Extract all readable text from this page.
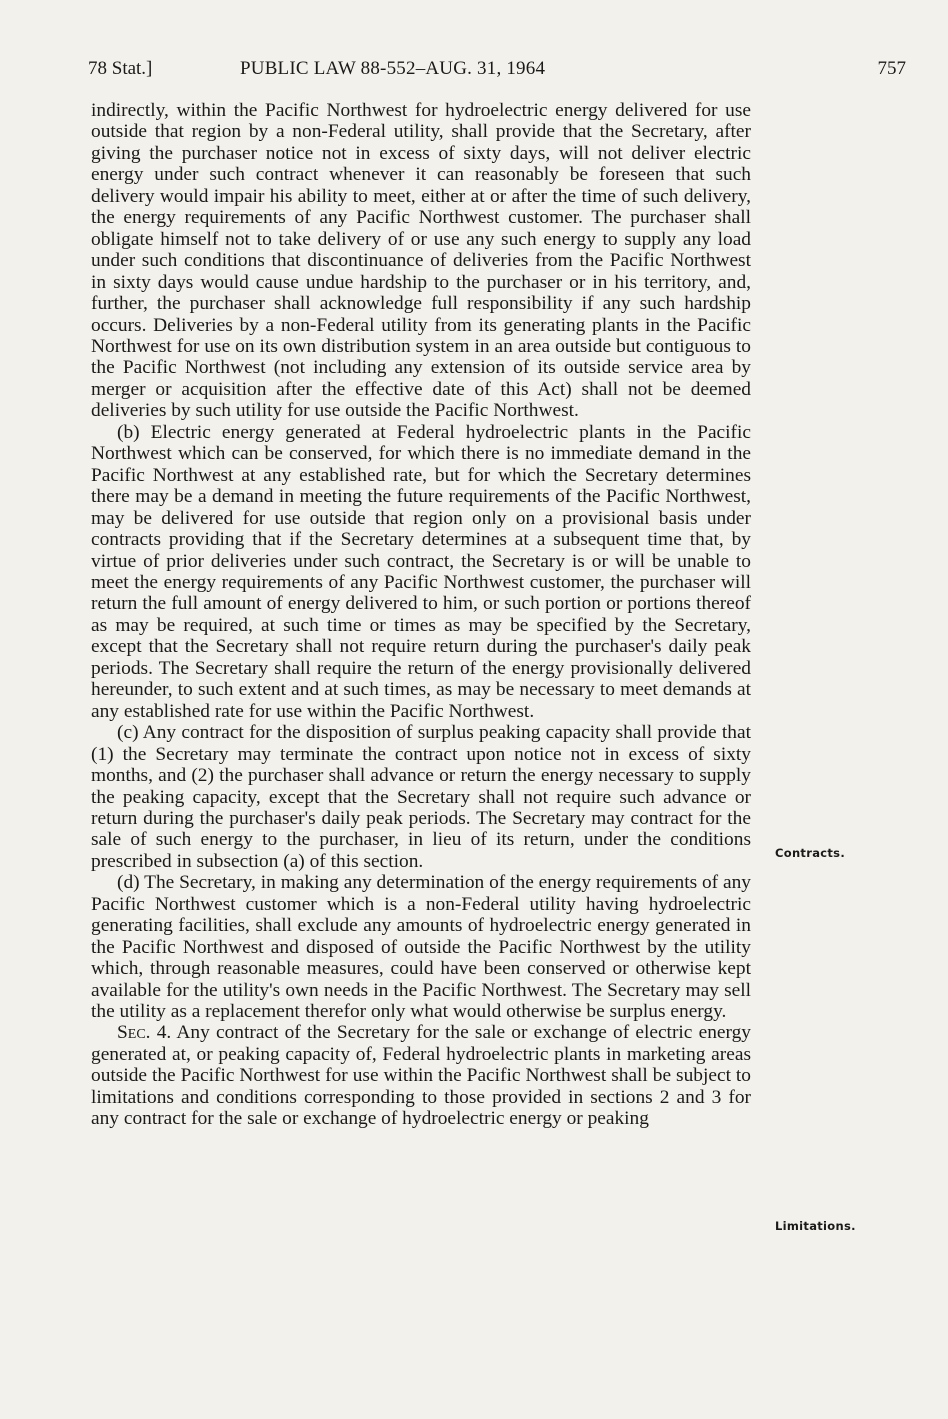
78 Stat.]	PUBLIC LAW 88-552–AUG. 31, 1964	757

indirectly, within the Pacific Northwest for hydroelectric energy delivered for use outside that region by a non-Federal utility, shall provide that the Secretary, after giving the purchaser notice not in excess of sixty days, will not deliver electric energy under such contract whenever it can reasonably be foreseen that such delivery would impair his ability to meet, either at or after the time of such delivery, the energy requirements of any Pacific Northwest customer. The purchaser shall obligate himself not to take delivery of or use any such energy to supply any load under such conditions that discontinuance of deliveries from the Pacific Northwest in sixty days would cause undue hardship to the purchaser or in his territory, and, further, the purchaser shall acknowledge full responsibility if any such hardship occurs. Deliveries by a non-Federal utility from its generating plants in the Pacific Northwest for use on its own distribution system in an area outside but contiguous to the Pacific Northwest (not including any extension of its outside service area by merger or acquisition after the effective date of this Act) shall not be deemed deliveries by such utility for use outside the Pacific Northwest.

(b) Electric energy generated at Federal hydroelectric plants in the Pacific Northwest which can be conserved, for which there is no immediate demand in the Pacific Northwest at any established rate, but for which the Secretary determines there may be a demand in meeting the future requirements of the Pacific Northwest, may be delivered for use outside that region only on a provisional basis under contracts providing that if the Secretary determines at a subsequent time that, by virtue of prior deliveries under such contract, the Secretary is or will be unable to meet the energy requirements of any Pacific Northwest customer, the purchaser will return the full amount of energy delivered to him, or such portion or portions thereof as may be required, at such time or times as may be specified by the Secretary, except that the Secretary shall not require return during the purchaser's daily peak periods. The Secretary shall require the return of the energy provisionally delivered hereunder, to such extent and at such times, as may be necessary to meet demands at any established rate for use within the Pacific Northwest.

(c) Any contract for the disposition of surplus peaking capacity shall provide that (1) the Secretary may terminate the contract upon notice not in excess of sixty months, and (2) the purchaser shall advance or return the energy necessary to supply the peaking capacity, except that the Secretary shall not require such advance or return during the purchaser's daily peak periods. The Secretary may contract for the sale of such energy to the purchaser, in lieu of its return, under the conditions prescribed in subsection (a) of this section.

(d) The Secretary, in making any determination of the energy requirements of any Pacific Northwest customer which is a non-Federal utility having hydroelectric generating facilities, shall exclude any amounts of hydroelectric energy generated in the Pacific Northwest and disposed of outside the Pacific Northwest by the utility which, through reasonable measures, could have been conserved or otherwise kept available for the utility's own needs in the Pacific Northwest. The Secretary may sell the utility as a replacement therefor only what would otherwise be surplus energy.

Sec. 4. Any contract of the Secretary for the sale or exchange of electric energy generated at, or peaking capacity of, Federal hydroelectric plants in marketing areas outside the Pacific Northwest for use within the Pacific Northwest shall be subject to limitations and conditions corresponding to those provided in sections 2 and 3 for any contract for the sale or exchange of hydroelectric energy or peaking

Contracts.
Limitations.
